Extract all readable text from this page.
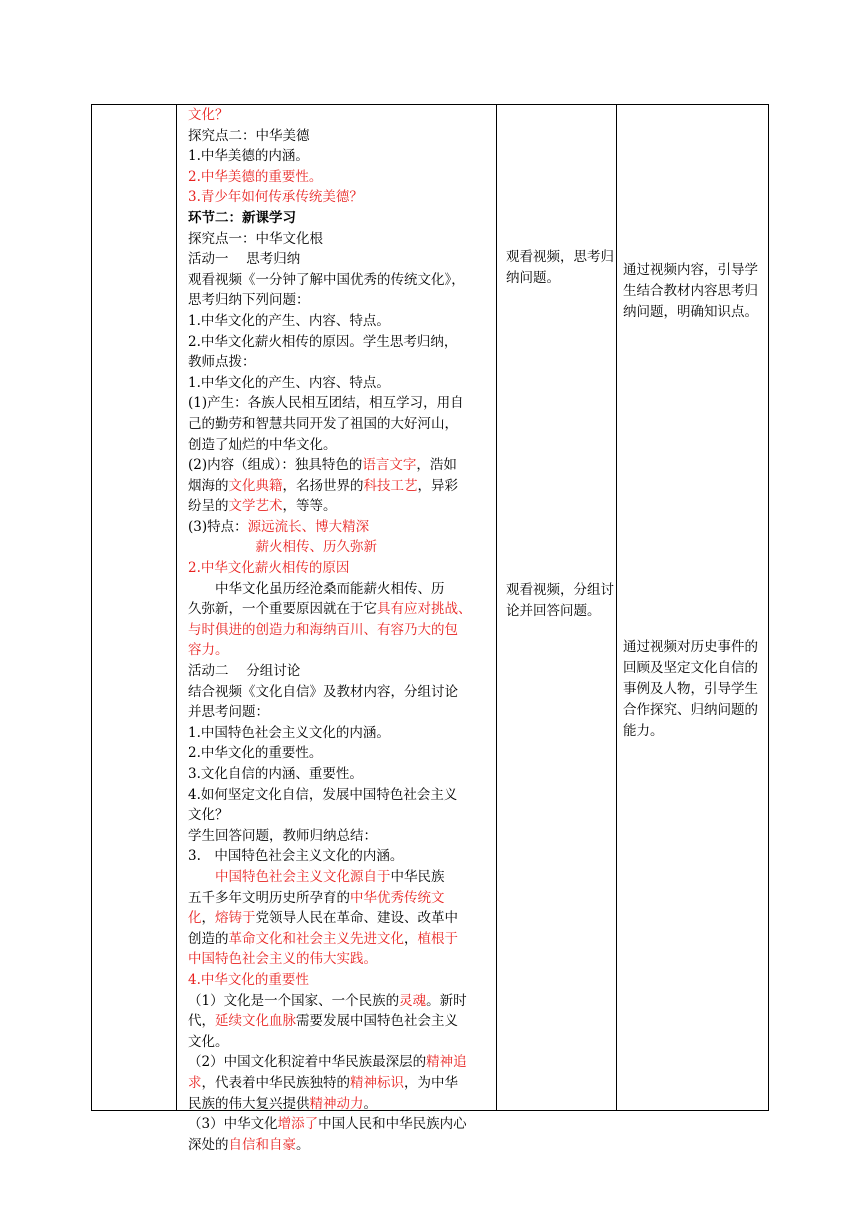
文化？
探究点二：中华美德
1.中华美德的内涵。
2.中华美德的重要性。
3.青少年如何传承传统美德？
环节二：新课学习
探究点一：中华文化根
活动一　 思考归纳
观看视频《一分钟了解中国优秀的传统文化》，
思考归纳下列问题：
1.中华文化的产生、内容、特点。
2.中华文化薪火相传的原因。学生思考归纳，
教师点拨：
1.中华文化的产生、内容、特点。
(1)产生：各族人民相互团结，相互学习，用自
己的勤劳和智慧共同开发了祖国的大好河山，
创造了灿烂的中华文化。
(2)内容（组成）：独具特色的语言文字，浩如
烟海的文化典籍，名扬世界的科技工艺，异彩
纷呈的文学艺术，等等。
(3)特点：源远流长、博大精深
　　　　　薪火相传、历久弥新
2.中华文化薪火相传的原因
　　中华文化虽历经沧桑而能薪火相传、历
久弥新，一个重要原因就在于它具有应对挑战、
与时俱进的创造力和海纳百川、有容乃大的包
容力。
活动二　 分组讨论
结合视频《文化自信》及教材内容，分组讨论
并思考问题：
1.中国特色社会主义文化的内涵。
2.中华文化的重要性。
3.文化自信的内涵、重要性。
4.如何坚定文化自信，发展中国特色社会主义
文化？
学生回答问题，教师归纳总结：
3.　中国特色社会主义文化的内涵。
　　中国特色社会主义文化源自于中华民族
五千多年文明历史所孕育的中华优秀传统文
化，熔铸于党领导人民在革命、建设、改革中
创造的革命文化和社会主义先进文化，植根于
中国特色社会主义的伟大实践。
4.中华文化的重要性
（1）文化是一个国家、一个民族的灵魂。新时
代，延续文化血脉需要发展中国特色社会主义
文化。
（2）中国文化积淀着中华民族最深层的精神追
求，代表着中华民族独特的精神标识，为中华
民族的伟大复兴提供精神动力。
（3）中华文化增添了中国人民和中华民族内心
深处的自信和自豪。
观看视频，思考归纳问题。
观看视频，分组讨论并回答问题。
通过视频内容，引导学生结合教材内容思考归纳问题，明确知识点。
通过视频对历史事件的回顾及坚定文化自信的事例及人物，引导学生合作探究、归纳问题的能力。
